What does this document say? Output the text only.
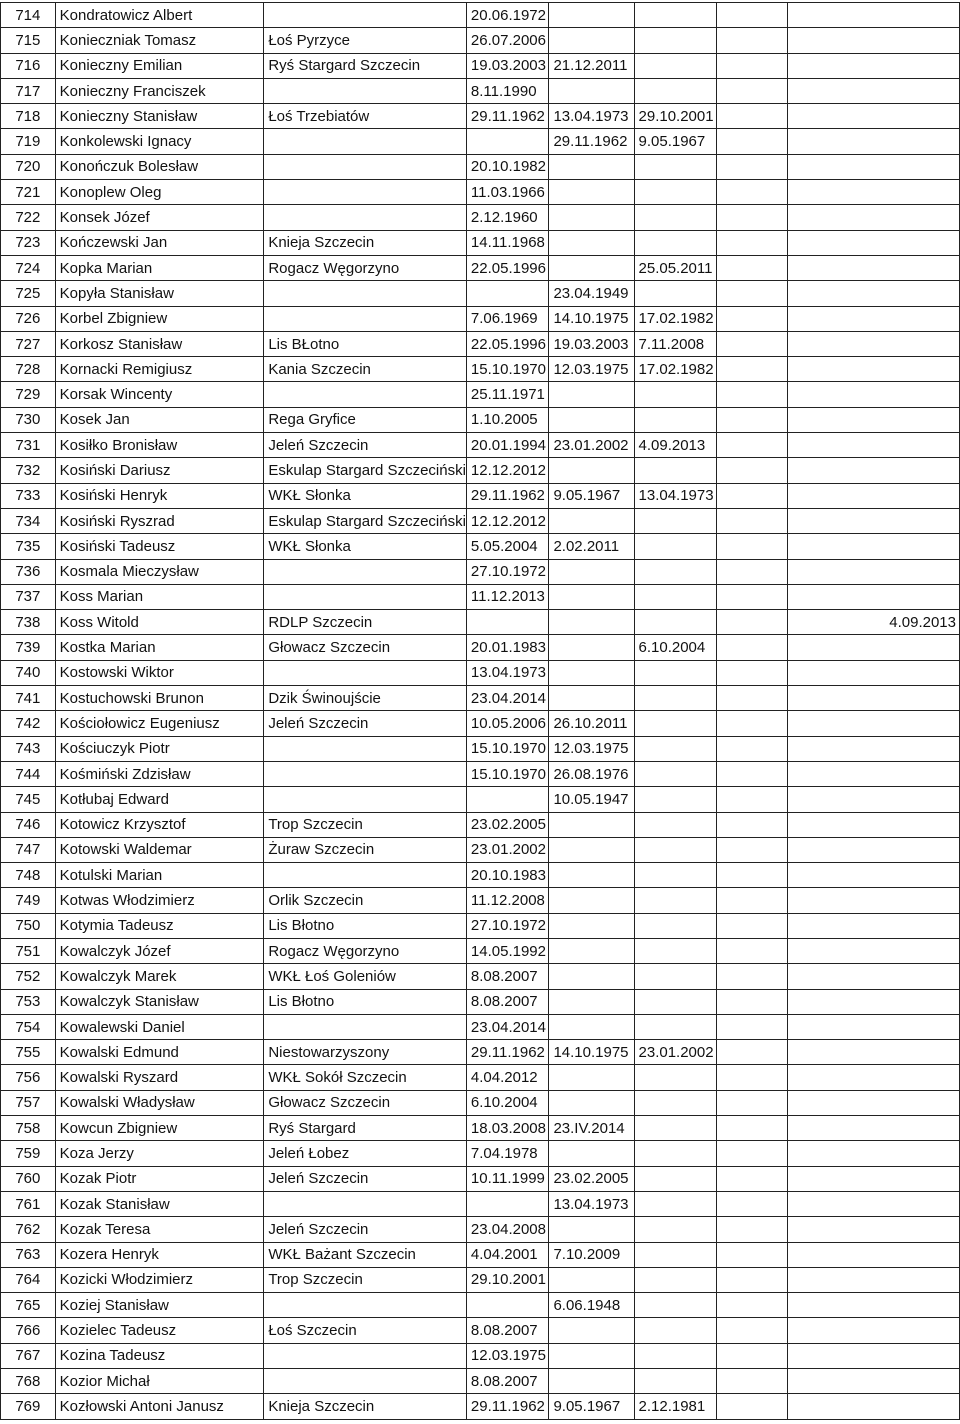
714	Kondratowicz Albert		20.06.1972				
715	Konieczniak Tomasz	Łoś Pyrzyce	26.07.2006				
716	Konieczny Emilian	Ryś Stargard Szczecin	19.03.2003	21.12.2011			
717	Konieczny Franciszek		8.11.1990				
718	Konieczny Stanisław	Łoś Trzebiatów	29.11.1962	13.04.1973	29.10.2001		
719	Konkolewski Ignacy			29.11.1962	9.05.1967		
720	Konończuk Bolesław		20.10.1982				
721	Konoplew Oleg		11.03.1966				
722	Konsek Józef		2.12.1960				
723	Kończewski Jan	Knieja Szczecin	14.11.1968				
724	Kopka Marian	Rogacz Węgorzyno	22.05.1996		25.05.2011		
725	Kopyła Stanisław			23.04.1949			
726	Korbel Zbigniew		7.06.1969	14.10.1975	17.02.1982		
727	Korkosz Stanisław	Lis BŁotno	22.05.1996	19.03.2003	7.11.2008		
728	Kornacki Remigiusz	Kania Szczecin	15.10.1970	12.03.1975	17.02.1982		
729	Korsak Wincenty		25.11.1971				
730	Kosek Jan	Rega Gryfice	1.10.2005				
731	Kosiłko Bronisław	Jeleń Szczecin	20.01.1994	23.01.2002	4.09.2013		
732	Kosiński Dariusz	Eskulap Stargard Szczeciński	12.12.2012				
733	Kosiński Henryk	WKŁ Słonka	29.11.1962	9.05.1967	13.04.1973		
734	Kosiński Ryszrad	Eskulap Stargard Szczeciński	12.12.2012				
735	Kosiński Tadeusz	WKŁ Słonka	5.05.2004	2.02.2011			
736	Kosmala Mieczysław		27.10.1972				
737	Koss Marian		11.12.2013				
738	Koss Witold	RDLP Szczecin					4.09.2013
739	Kostka Marian	Głowacz Szczecin	20.01.1983		6.10.2004		
740	Kostowski Wiktor		13.04.1973				
741	Kostuchowski Brunon	Dzik Świnoujście	23.04.2014				
742	Kościołowicz Eugeniusz	Jeleń Szczecin	10.05.2006	26.10.2011			
743	Kościuczyk Piotr		15.10.1970	12.03.1975			
744	Kośmiński Zdzisław		15.10.1970	26.08.1976			
745	Kotłubaj Edward			10.05.1947			
746	Kotowicz Krzysztof	Trop Szczecin	23.02.2005				
747	Kotowski Waldemar	Żuraw Szczecin	23.01.2002				
748	Kotulski Marian		20.10.1983				
749	Kotwas Włodzimierz	Orlik Szczecin	11.12.2008				
750	Kotymia Tadeusz	Lis Błotno	27.10.1972				
751	Kowalczyk Józef	Rogacz Węgorzyno	14.05.1992				
752	Kowalczyk Marek	WKŁ Łoś Goleniów	8.08.2007				
753	Kowalczyk Stanisław	Lis Błotno	8.08.2007				
754	Kowalewski Daniel		23.04.2014				
755	Kowalski Edmund	Niestowarzyszony	29.11.1962	14.10.1975	23.01.2002		
756	Kowalski Ryszard	WKŁ Sokół Szczecin	4.04.2012				
757	Kowalski Władysław	Głowacz Szczecin	6.10.2004				
758	Kowcun Zbigniew	Ryś Stargard	18.03.2008	23.IV.2014			
759	Koza Jerzy	Jeleń Łobez	7.04.1978				
760	Kozak Piotr	Jeleń Szczecin	10.11.1999	23.02.2005			
761	Kozak Stanisław			13.04.1973			
762	Kozak Teresa	Jeleń Szczecin	23.04.2008				
763	Kozera Henryk	WKŁ Bażant Szczecin	4.04.2001	7.10.2009			
764	Kozicki Włodzimierz	Trop Szczecin	29.10.2001				
765	Koziej Stanisław			6.06.1948			
766	Kozielec Tadeusz	Łoś Szczecin	8.08.2007				
767	Kozina Tadeusz		12.03.1975				
768	Kozior Michał		8.08.2007				
769	Kozłowski Antoni Janusz	Knieja Szczecin	29.11.1962	9.05.1967	2.12.1981		
